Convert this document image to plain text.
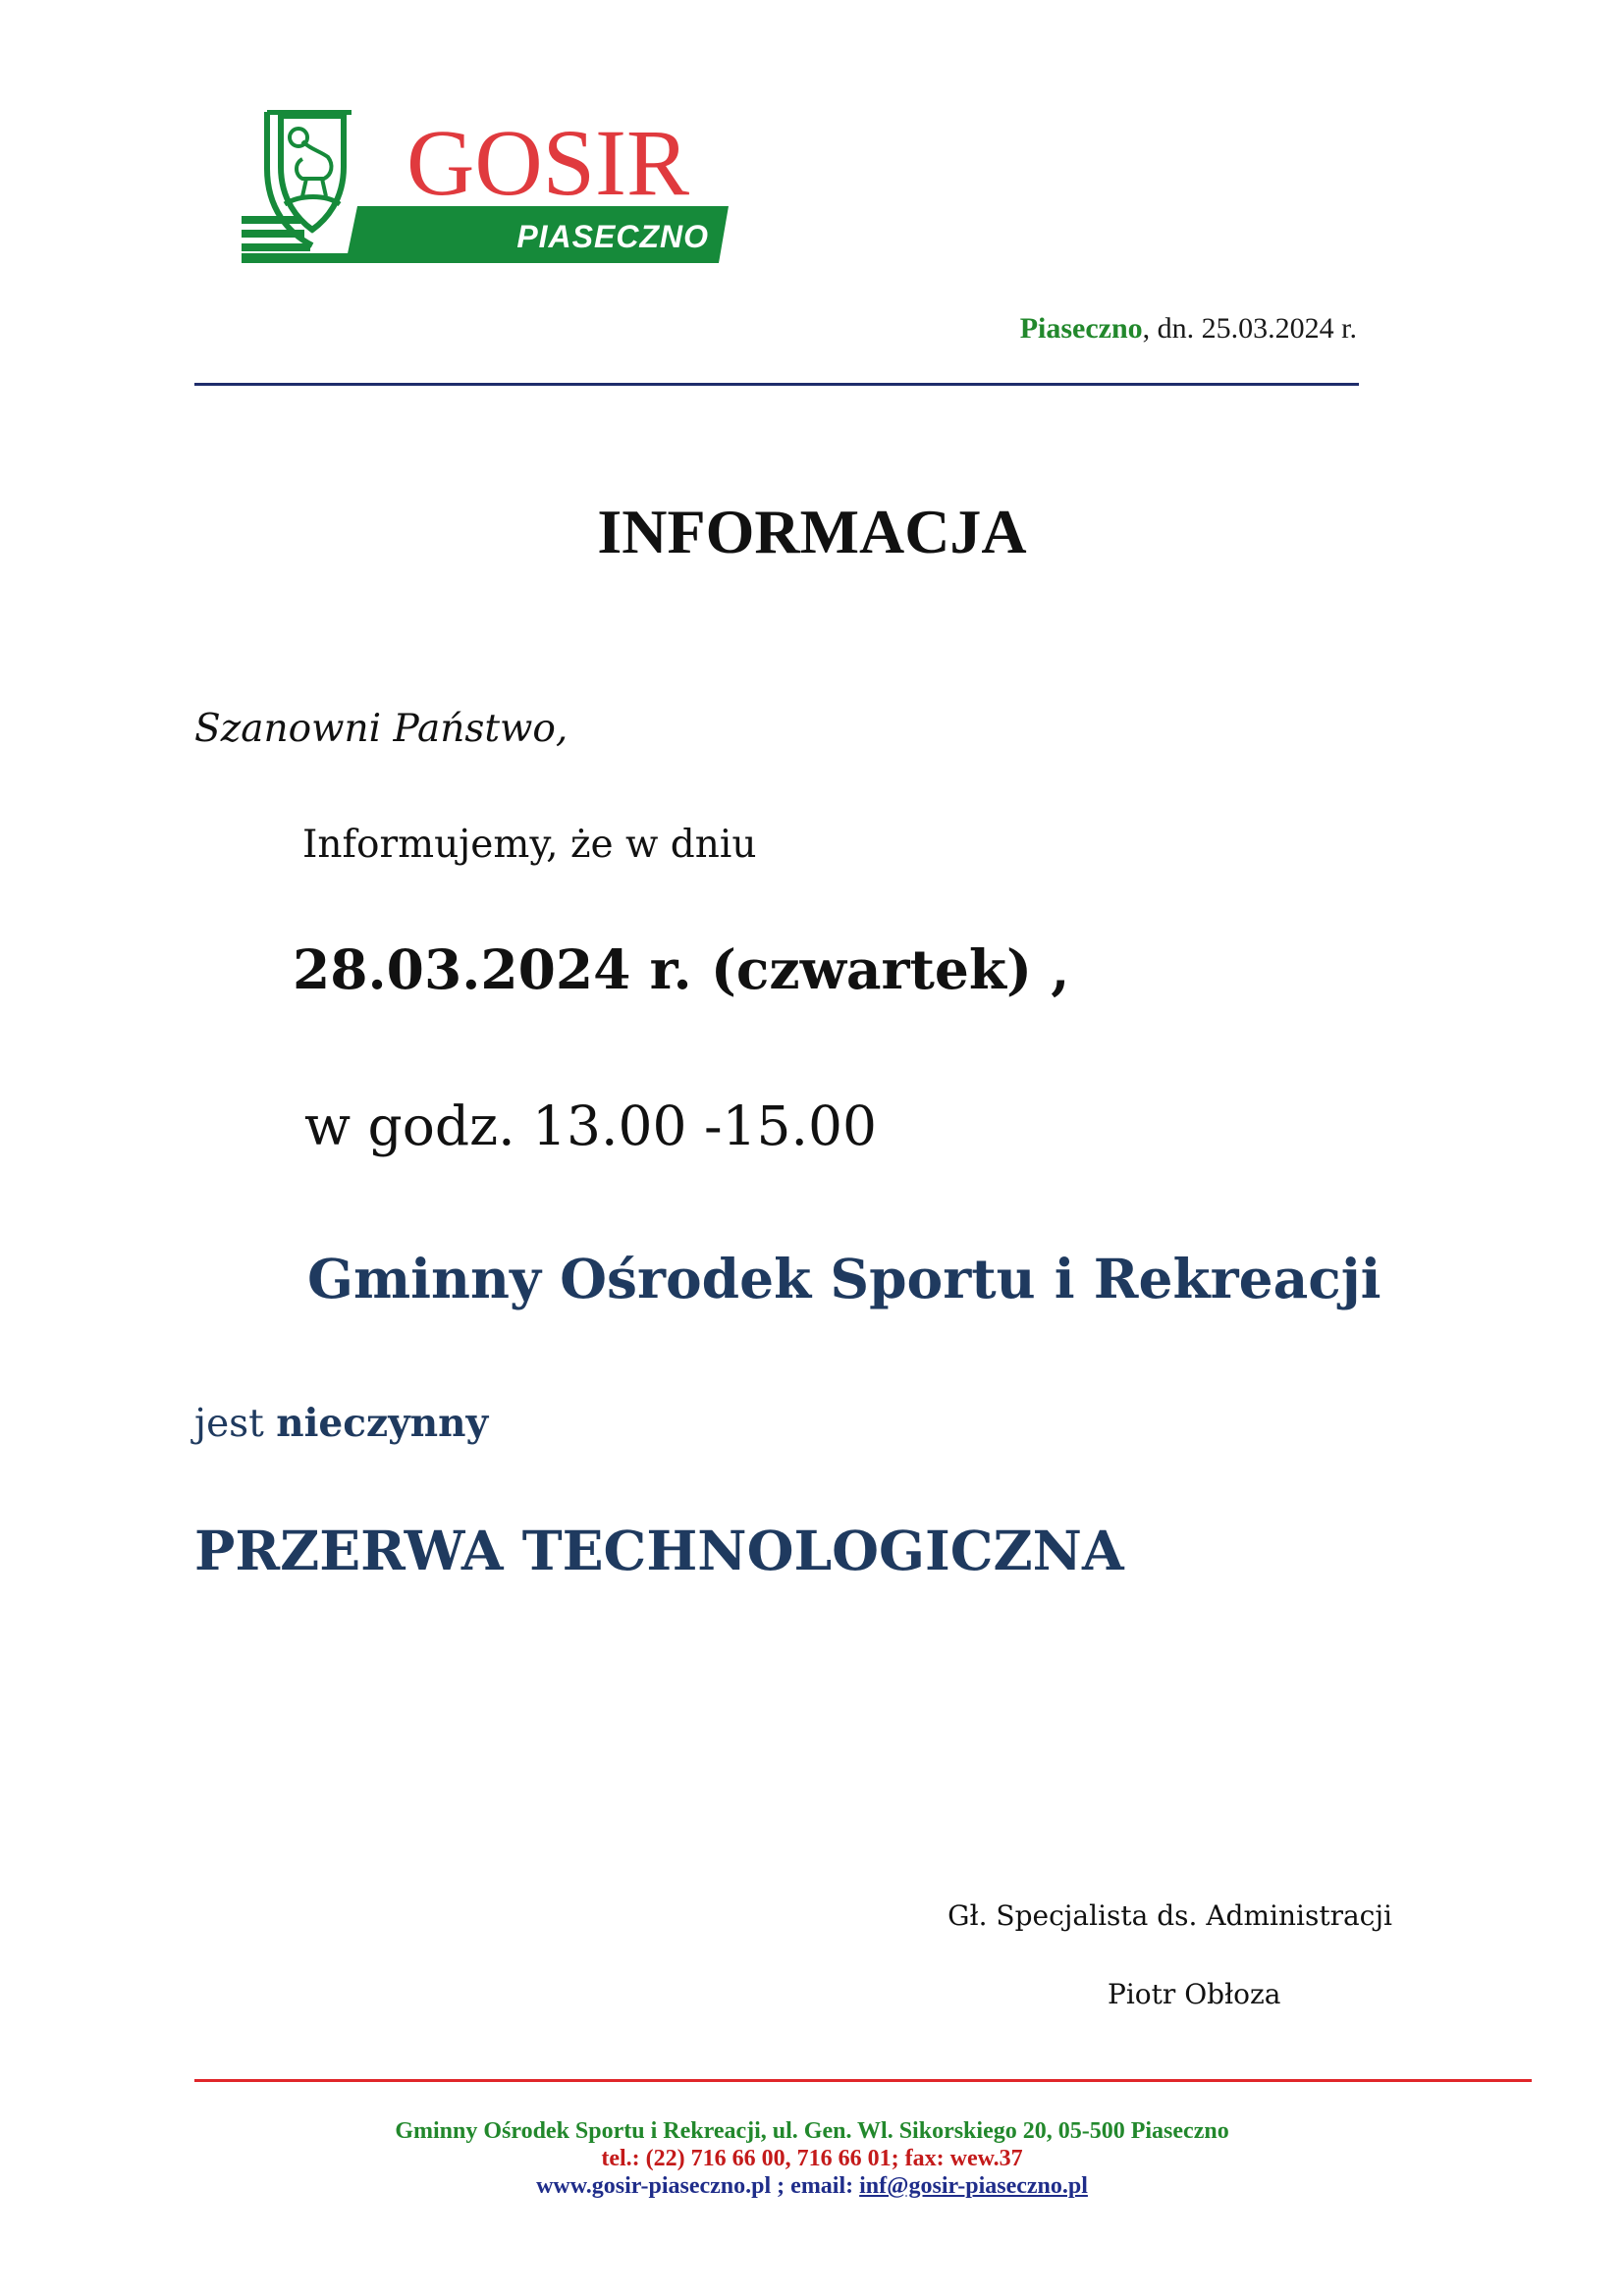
GOSIR
PIASECZNO
Piaseczno, dn. 25.03.2024 r.
INFORMACJA
Szanowni Państwo,
Informujemy, że w dniu
28.03.2024 r. (czwartek) ,
w godz. 13.00 -15.00
Gminny Ośrodek Sportu i Rekreacji
jest nieczynny
PRZERWA TECHNOLOGICZNA
Gł. Specjalista ds. Administracji
Piotr Obłoza
Gminny Ośrodek Sportu i Rekreacji, ul. Gen. Wl. Sikorskiego 20, 05-500 Piaseczno
tel.: (22) 716 66 00, 716 66 01; fax: wew.37
www.gosir-piaseczno.pl ; email: inf@gosir-piaseczno.pl
